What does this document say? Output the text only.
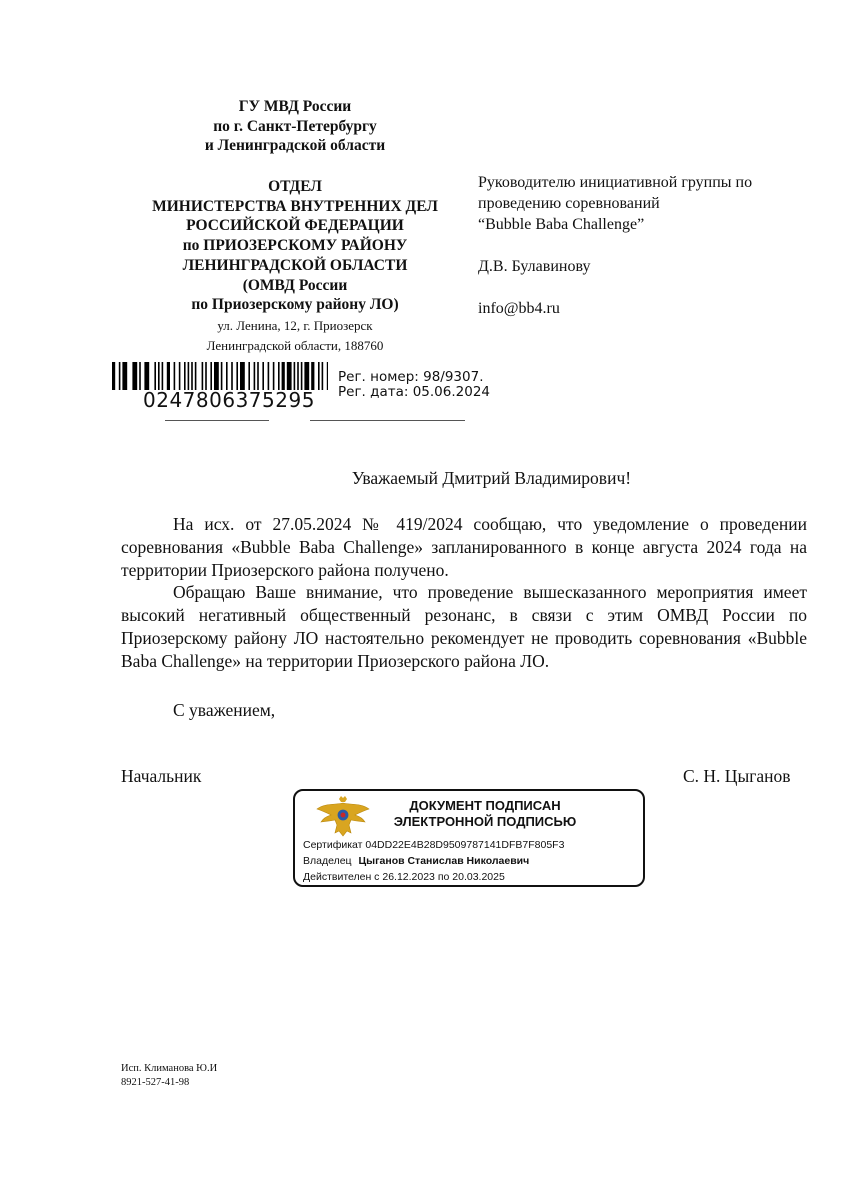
ГУ МВД России
по г. Санкт-Петербургу
и Ленинградской области
ОТДЕЛ
МИНИСТЕРСТВА ВНУТРЕННИХ ДЕЛ
РОССИЙСКОЙ ФЕДЕРАЦИИ
по ПРИОЗЕРСКОМУ РАЙОНУ
ЛЕНИНГРАДСКОЙ ОБЛАСТИ
(ОМВД России
по Приозерскому району ЛО)
ул. Ленина, 12, г. Приозерск
Ленинградской области, 188760
Руководителю инициативной группы по
проведению соревнований
“Bubble Baba Challenge”
Д.В. Булавинову
info@bb4.ru
0247806375295
Рег. номер: 98/9307.
Рег. дата: 05.06.2024
Уважаемый Дмитрий Владимирович!

На исх. от 27.05.2024 № 419/2024 сообщаю, что уведомление о проведении соревнования «Bubble Baba Challenge» запланированного в конце августа 2024 года на территории Приозерского района получено.

Обращаю Ваше внимание, что проведение вышесказанного мероприятия имеет высокий негативный общественный резонанс, в связи с этим ОМВД России по Приозерскому району ЛО настоятельно рекомендует не проводить соревнования «Bubble Baba Challenge» на территории Приозерского района ЛО.

С уважением,
Начальник	С. Н. Цыганов
ДОКУМЕНТ ПОДПИСАН
ЭЛЕКТРОННОЙ ПОДПИСЬЮ
Сертификат 04DD22E4B28D9509787141DFB7F805F3
Владелец Цыганов Станислав Николаевич
Действителен с 26.12.2023 по 20.03.2025
Исп. Климанова Ю.И
8921-527-41-98
